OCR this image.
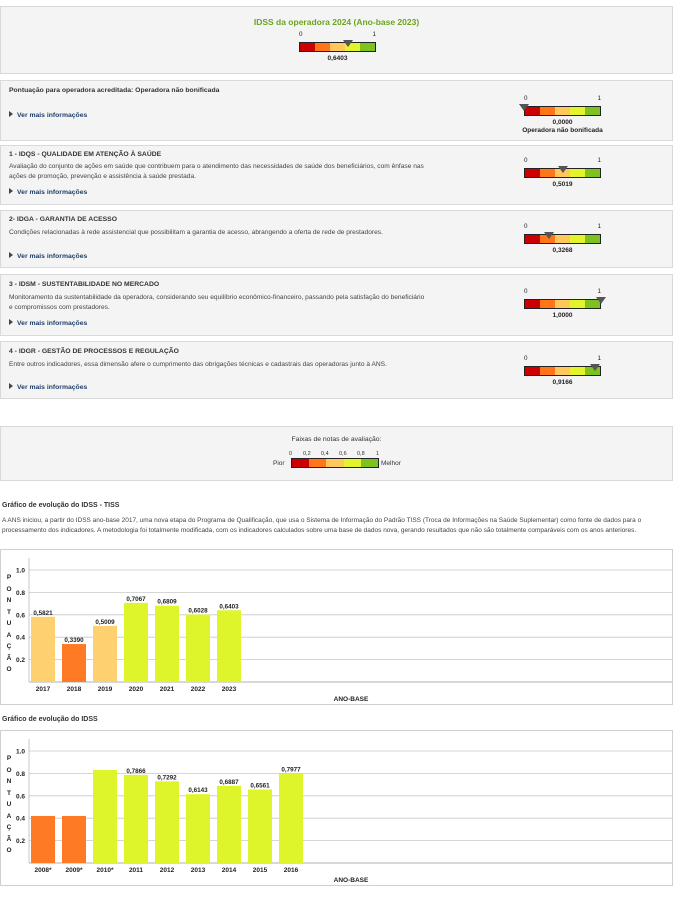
IDSS da operadora 2024 (Ano-base 2023)
0	1
0,6403
Pontuação para operadora acreditada: Operadora não bonificada
Ver mais informações
0	1
0,0000
Operadora não bonificada
1 - IDQS - QUALIDADE EM ATENÇÃO À SAÚDE
Avaliação do conjunto de ações em saúde que contribuem para o atendimento das necessidades de saúde dos beneficiários, com ênfase nas ações de promoção, prevenção e assistência à saúde prestada.
Ver mais informações
0	1
0,5019
2- IDGA - GARANTIA DE ACESSO
Condições relacionadas à rede assistencial que possibilitam a garantia de acesso, abrangendo a oferta de rede de prestadores.
Ver mais informações
0	1
0,3268
3 - IDSM - SUSTENTABILIDADE NO MERCADO
Monitoramento da sustentabilidade da operadora, considerando seu equilíbrio econômico-financeiro, passando pela satisfação do beneficiário e compromissos com prestadores.
Ver mais informações
0	1
1,0000
4 - IDGR - GESTÃO DE PROCESSOS E REGULAÇÃO
Entre outros indicadores, essa dimensão afere o cumprimento das obrigações técnicas e cadastrais das operadoras junto à ANS.
Ver mais informações
0	1
0,9166
Faixas de notas de avaliação:
0 0,2 0,4 0,6 0,8 1
Pior	Melhor
Gráfico de evolução do IDSS - TISS
A ANS iniciou, a partir do IDSS ano-base 2017, uma nova etapa do Programa de Qualificação, que usa o Sistema de Informação do Padrão TISS (Troca de Informações na Saúde Suplementar) como fonte de dados para o processamento dos indicadores. A metodologia foi totalmente modificada, com os indicadores calculados sobre uma base de dados nova, gerando resultados que não são totalmente comparáveis com os anos anteriores.
0.2
0.4
0.6
0.8
1.0
0,5821
2017
0,3390
2018
0,5009
2019
0,7067
2020
0,6809
2021
0,6028
2022
0,6403
2023
ANO-BASE
P
O
N
T
U
A
Ç
Ã
O
Gráfico de evolução do IDSS
0.2
0.4
0.6
0.8
1.0
2008* 2009* 2010*
0,7866
2011
0,7292
2012
0,6143
2013
0,6887
2014
0,6561
2015
0,7977
2016
ANO-BASE
P
O
N
T
U
A
Ç
Ã
O
